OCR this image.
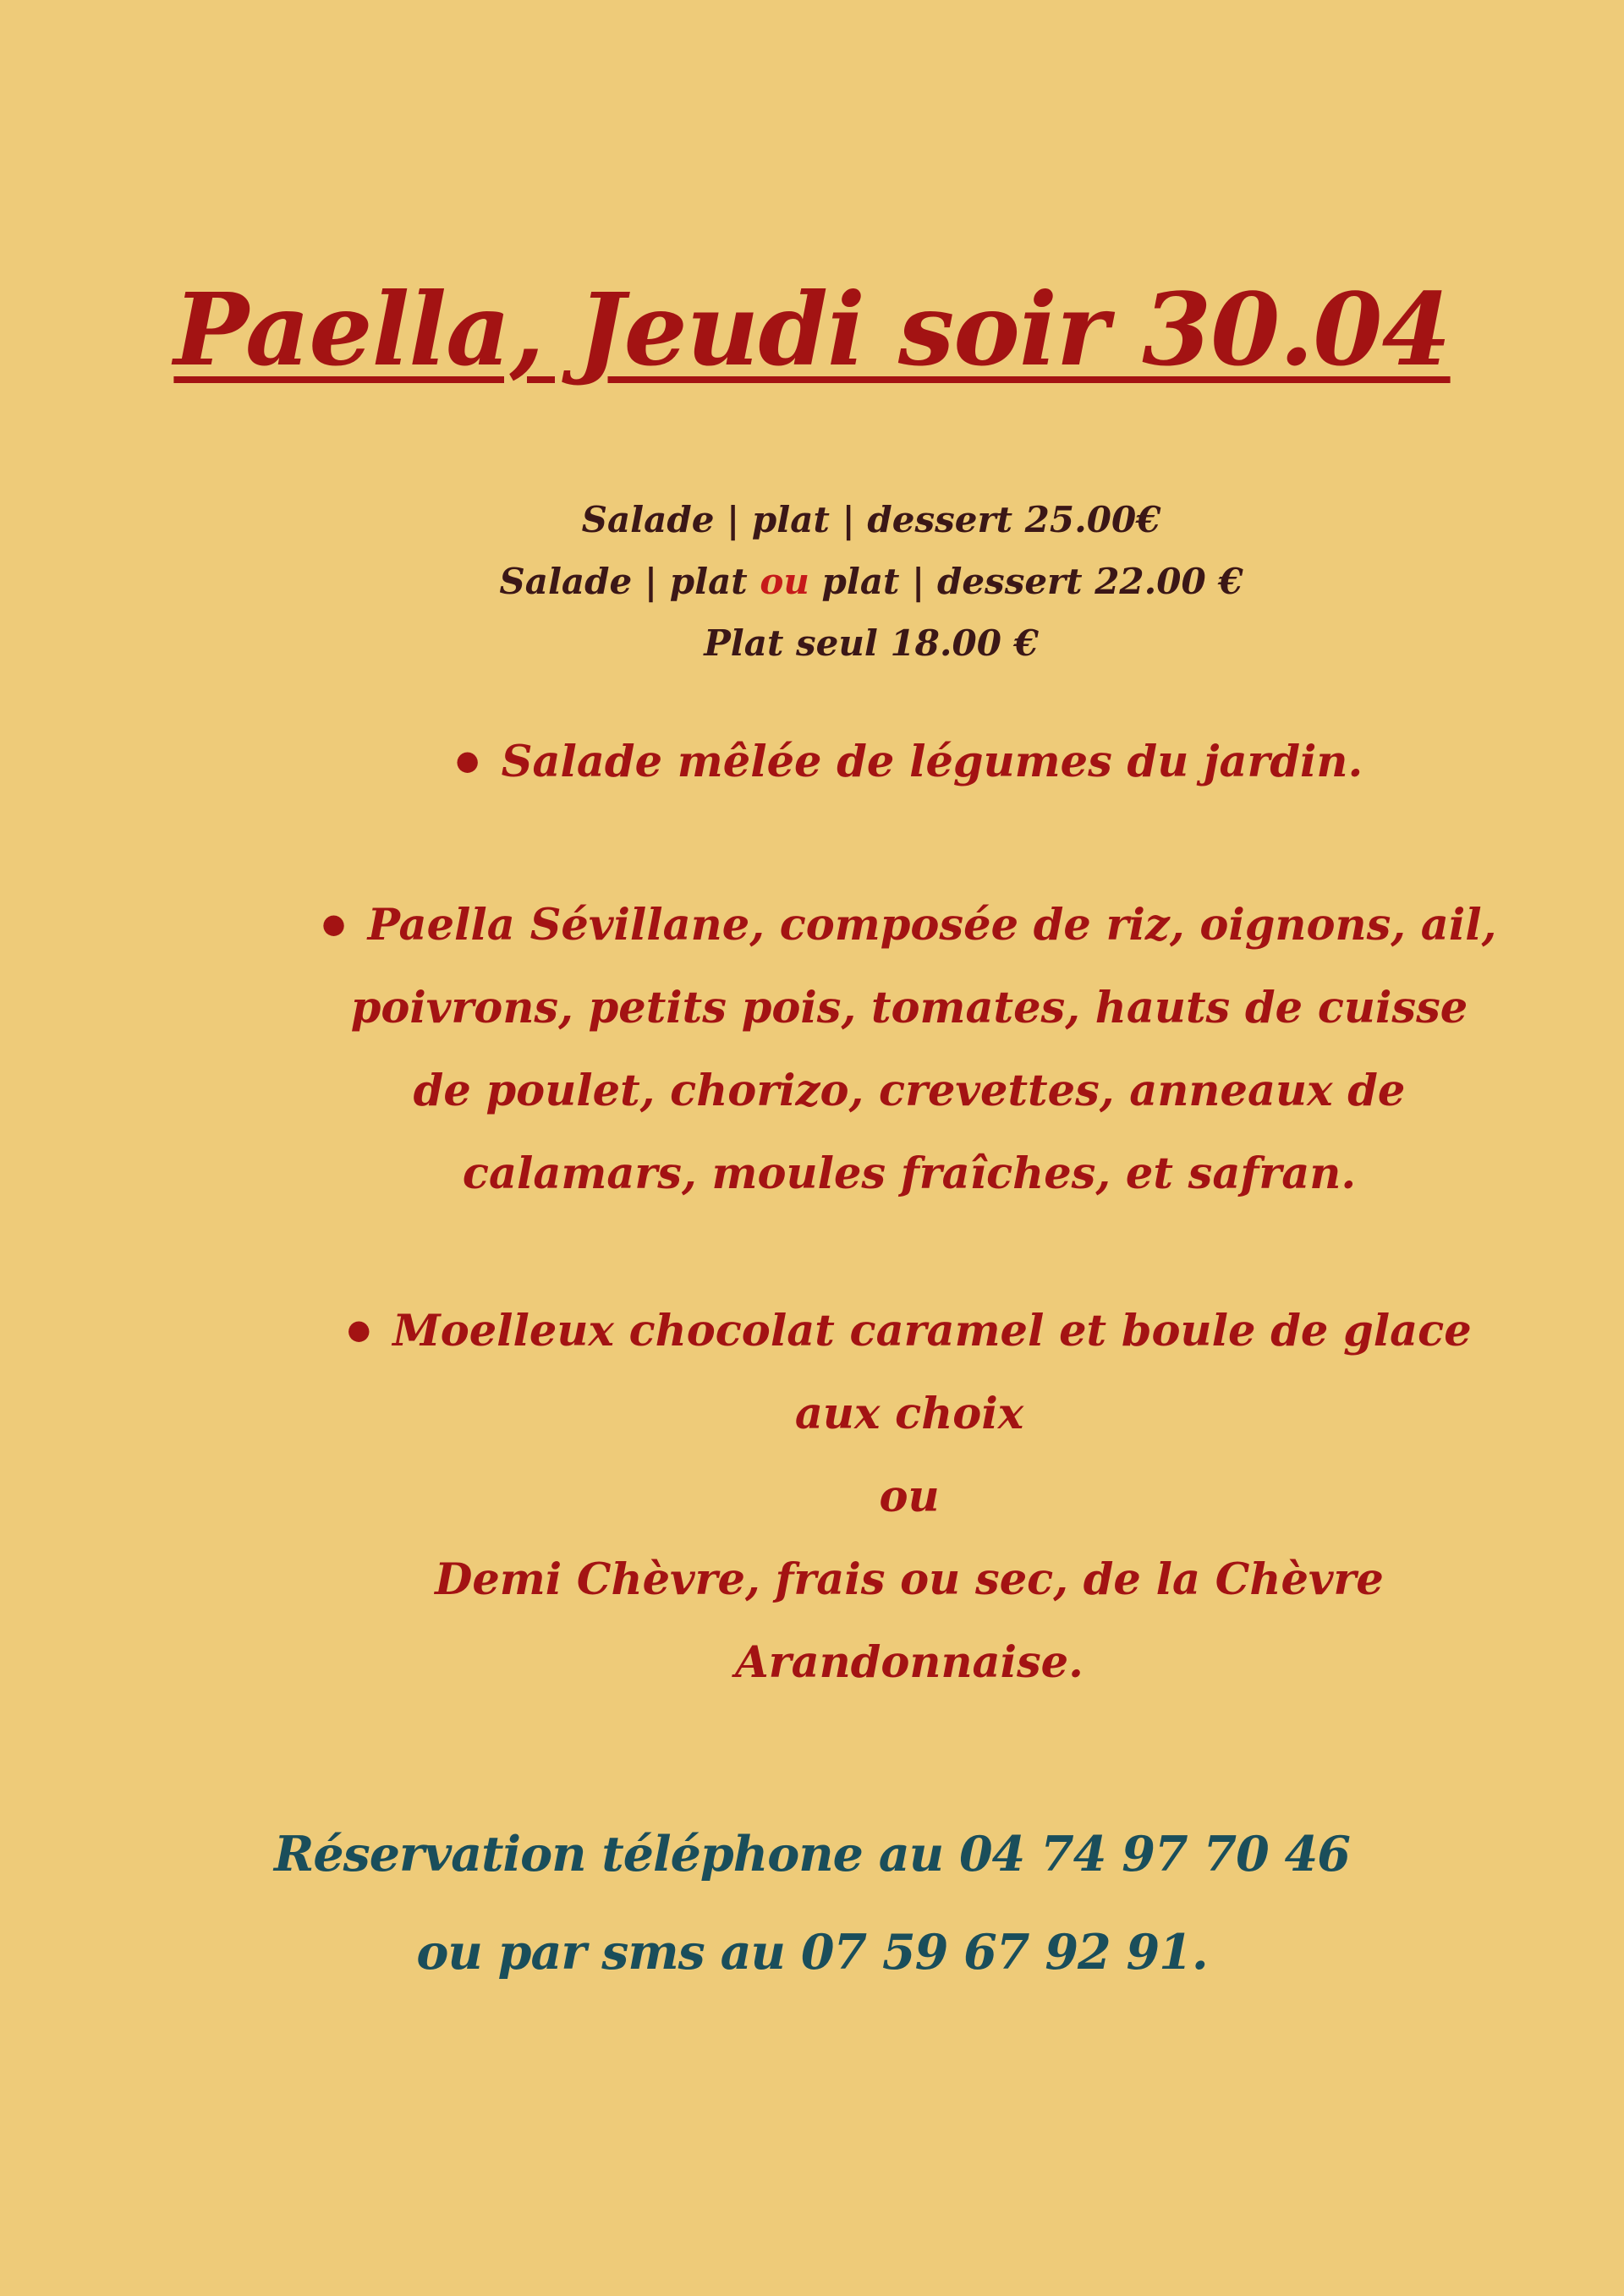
Paella, Jeudi soir 30.04
Salade | plat | dessert 25.00€
Salade | plat ou plat | dessert 22.00 €
Plat seul 18.00 €
● Salade mêlée de légumes du jardin.
● Paella Sévillane, composée de riz, oignons, ail,
poivrons, petits pois, tomates, hauts de cuisse
de poulet, chorizo, crevettes, anneaux de
calamars, moules fraîches, et safran.
● Moelleux chocolat caramel et boule de glace
aux choix
ou
Demi Chèvre, frais ou sec, de la Chèvre
Arandonnaise.
Réservation téléphone au 04 74 97 70 46
ou par sms au 07 59 67 92 91.
